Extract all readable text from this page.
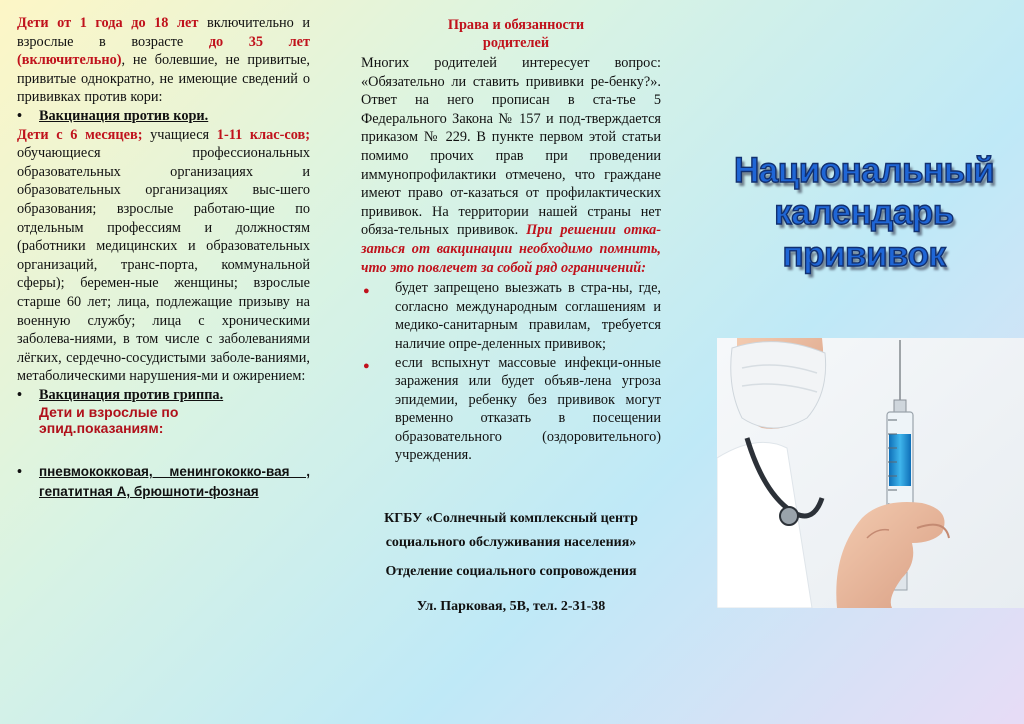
Дети от 1 года до 18 лет включительно и взрослые в возрасте до 35 лет (включительно), не болевшие, не привитые, привитые однократно, не имеющие сведений о прививках против кори:

•	Вакцинация против кори.

Дети с 6 месяцев; учащиеся 1-11 клас-сов; обучающиеся профессиональных образовательных организациях и образовательных организациях выс-шего образования; взрослые работаю-щие по отдельным профессиям и должностям (работники медицинских и образовательных организаций, транс-порта, коммунальной сферы); беремен-ные женщины; взрослые старше 60 лет; лица, подлежащие призыву на военную службу; лица с хроническими заболева-ниями, в том числе с заболеваниями лёгких, сердечно-сосудистыми заболе-ваниями, метаболическими нарушения-ми и ожирением:

•	Вакцинация против гриппа.
Дети и взрослые по эпид.показаниям:
•	пневмококковая, менингококко-вая , гепатитная А, брюшноти-фозная
Права и обязанности родителей

Многих родителей интересует вопрос: «Обязательно ли ставить прививки ре-бенку?». Ответ на него прописан в ста-тье 5 Федерального Закона № 157 и под-тверждается приказом № 229. В пункте первом этой статьи помимо прочих прав при проведении иммунопрофилактики отмечено, что граждане имеют право от-казаться от профилактических прививок. На территории нашей страны нет обяза-тельных прививок. При решении отка-заться от вакцинации необходимо помнить, что это повлечет за собой ряд ограничений:

●	будет запрещено выезжать в стра-ны, где, согласно международным соглашениям и медико-санитарным правилам, требуется наличие опре-деленных прививок;
●	если вспыхнут массовые инфекци-онные заражения или будет объяв-лена угроза эпидемии, ребенку без прививок могут временно отказать в посещении образовательного (оздоровительного) учреждения.
КГБУ «Солнечный комплексный центр
социального обслуживания населения»
Отделение социального сопровождения
Ул. Парковая, 5В, тел. 2-31-38
Национальный
календарь
прививок
